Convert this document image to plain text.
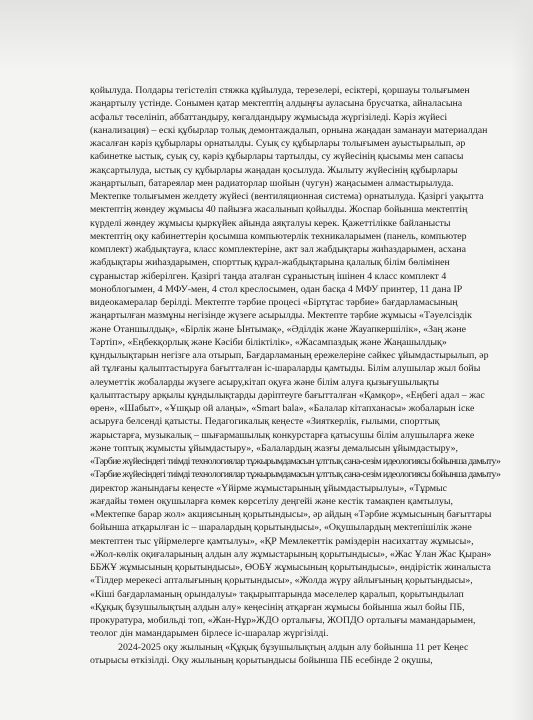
қойылуда. Полдары тегістеліп стяжка құйылуда, терезелері, есіктері, қоршауы толығымен

жаңартылу үстінде. Сонымен қатар мектептің алдыңғы ауласына брусчатка, айналасына

асфальт төселініп, аббаттандыру, көгалдандыру жұмысыда жүргізіледі. Кәріз жүйесі

(канализация) – ескі құбырлар толық демонтаждалып, орнына жаңадан заманауи материалдан

жасалған кәріз құбырлары орнатылды. Суық су құбырлары толығымен ауыстырылып, әр

кабинетке ыстық, суық су, кәріз құбырлары тартылды, су жүйесінің қысымы мен сапасы

жақсартылуда, ыстық су құбырлары жаңадан қосылуда. Жылыту жүйесінің құбырлары

жаңартылып, батареялар мен радиаторлар шойын (чугун) жаңасымен алмастырылуда.

Мектепке толығымен желдету жүйесі (вентиляционная система) орнатылуда. Қазіргі уақытта

мектептің жөндеу жұмысы 40 пайызға жасалынып қойылды. Жоспар бойынша мектептің

күрделі жөндеу жұмысы қыркүйек айында аяқталуы керек. Қажеттілікке байланысты

мектептің оқу кабинеттерін қосымша компьютерлік техникаларымен (панель, компьютер

комплект) жабдықтауға, класс комплектеріне, акт зал жабдықтары жиһаздарымен, асхана

жабдықтары жиһаздарымен, спорттық құрал-жабдықтарына қалалық білім бөлімінен

сұраныстар жіберілген. Қазіргі таңда аталған сұраныстың ішінен 4 класс комплект 4

моноблогымен, 4 МФУ-мен, 4 стол креслосымен, одан басқа 4 МФУ принтер, 11 дана IP

видеокамералар берілді. Мектепте тәрбие процесі «Біртұтас тәрбие» бағдарламасының

жаңартылған мазмұны негізінде жүзеге асырылды. Мектепте тәрбие жұмысы «Тәуелсіздік

және Отаншылдық», «Бірлік және Ынтымақ», «Әділдік және Жауапкершілік», «Заң және

Тәртіп», «Еңбекқорлық және Кәсіби біліктілік», «Жасампаздық және Жаңашылдық»

құндылықтарын негізге ала отырып, Бағдарламаның ережелеріне сәйкес ұйымдастырылып, әр

ай тұлғаны қалыптастыруға бағытталған іс-шараларды қамтыды. Білім алушылар жыл бойы

әлеуметтік жобаларды жүзеге асыру,кітап оқуға және білім алуға қызығушылықты

қалыптастыру арқылы құндылықтарды дәріптеуге бағытталған «Қамқор», «Еңбегі адал – жас

өрен», «Шабыт», «Ұшқыр ой алаңы», «Smart bala», «Балалар кітапханасы» жобаларын іске

асыруға белсенді қатысты. Педагогикалық кеңесте «Зияткерлік, ғылыми, спорттық

жарыстарға, музыкалық – шығармашылық конкурстарға қатысушы білім алушыларға жеке

және топтық жұмысты ұйымдастыру», «Балалардың жазғы демалысын ұйымдастыру»,

«Тәрбие жүйесіндегі тиімді технологиялар тұжырымдамасын ұлттық сана-сезім идеологиясы бойынша дамыту»

«Тәрбие жүйесіндегі тиімді технологиялар тұжырымдамасын ұлттық сана-сезім идеологиясы бойынша дамыту»

директор жанындағы кеңесте «Үйірме жұмыстарының ұйымдастырылуы», «Тұрмыс

жағдайы төмен оқушыларға көмек көрсетілу деңгейі және кестік тамақпен қамтылуы,

«Мектепке барар жол» акциясының қорытындысы», әр айдың «Тәрбие жұмысының бағыттары

бойынша атқарылған іс – шаралардың қорытындысы», «Оқушылардың мектепішілік және

мектептен тыс үйірмелерге қамтылуы», «ҚР Мемлекеттік рәміздерін насихаттау жұмысы»,

«Жол-көлік оқиғаларының алдын алу жұмыстарының қорытындысы», «Жас Ұлан Жас Қыран»

ББЖҰ жұмысының қорытындысы», ӨОБҰ жұмысының қорытындысы», өндірістік жиналыста

«Тілдер мерекесі апталығының қорытындысы», «Жолда жүру айлығының қорытындысы»,

«Кіші бағдарламаның орындалуы» тақырыптарында мәселелер қаралып, қорытындылап

«Құқық бұзушылықтың алдын алу» кеңесінің атқарған жұмысы бойынша жыл бойы ПБ,

прокуратура, мобильді топ, «Жан-Нұр»ЖДО орталығы, ЖОПДО орталығы мамандарымен,

теолог дін мамандарымен бірлесе іс-шаралар жүргізілді.

2024-2025 оқу жылының «Құқық бұзушылықтың алдын алу бойынша 11 рет Кеңес

отырысы өткізілді. Оқу жылының қорытындысы бойынша ПБ есебінде 2 оқушы,
